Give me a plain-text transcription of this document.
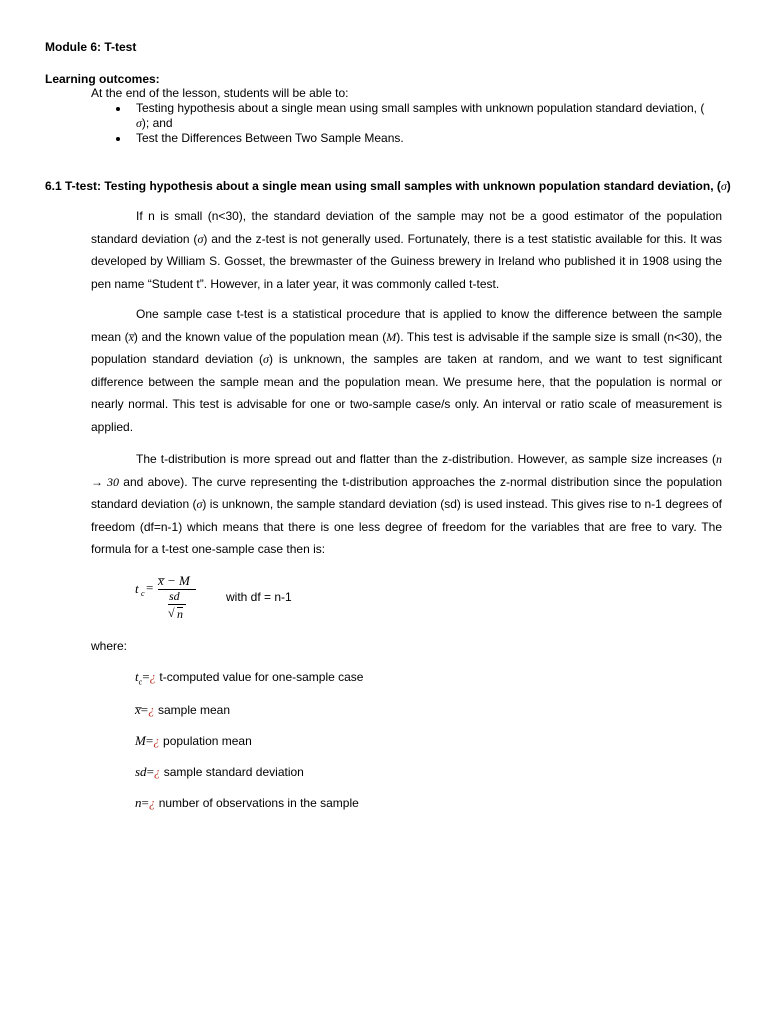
Module 6: T-test
Learning outcomes:
At the end of the lesson, students will be able to:
Testing hypothesis about a single mean using small samples with unknown population standard deviation, (
σ); and
Test the Differences Between Two Sample Means.
6.1 T-test: Testing hypothesis about a single mean using small samples with unknown population standard deviation, (σ)

If n is small (n<30), the standard deviation of the sample may not be a good estimator of the population standard deviation (σ) and the z-test is not generally used. Fortunately, there is a test statistic available for this. It was developed by William S. Gosset, the brewmaster of the Guiness brewery in Ireland who published it in 1908 using the pen name “Student t”. However, in a later year, it was commonly called t-test.

One sample case t-test is a statistical procedure that is applied to know the difference between the sample mean (x̅) and the known value of the population mean (M). This test is advisable if the sample size is small (n<30), the population standard deviation (σ) is unknown, the samples are taken at random, and we want to test significant difference between the sample mean and the population mean. We presume here, that the population is normal or nearly normal. This test is advisable for one or two-sample case/s only. An interval or ratio scale of measurement is applied.

The t-distribution is more spread out and flatter than the z-distribution. However, as sample size increases (n → 30 and above). The curve representing the t-distribution approaches the z-normal distribution since the population standard deviation (σ) is unknown, the sample standard deviation (sd) is used instead. This gives rise to n-1 degrees of freedom (df=n-1) which means that there is one less degree of freedom for the variables that are free to vary. The formula for a t-test one-sample case then is:

t c = x̅ − M
sd
√ n
with df = n-1
where:
$t_c=¿$ t-computed value for one-sample case
x̅=¿ sample mean
M=¿ population mean
sd=¿ sample standard deviation
n=¿ number of observations in the sample
